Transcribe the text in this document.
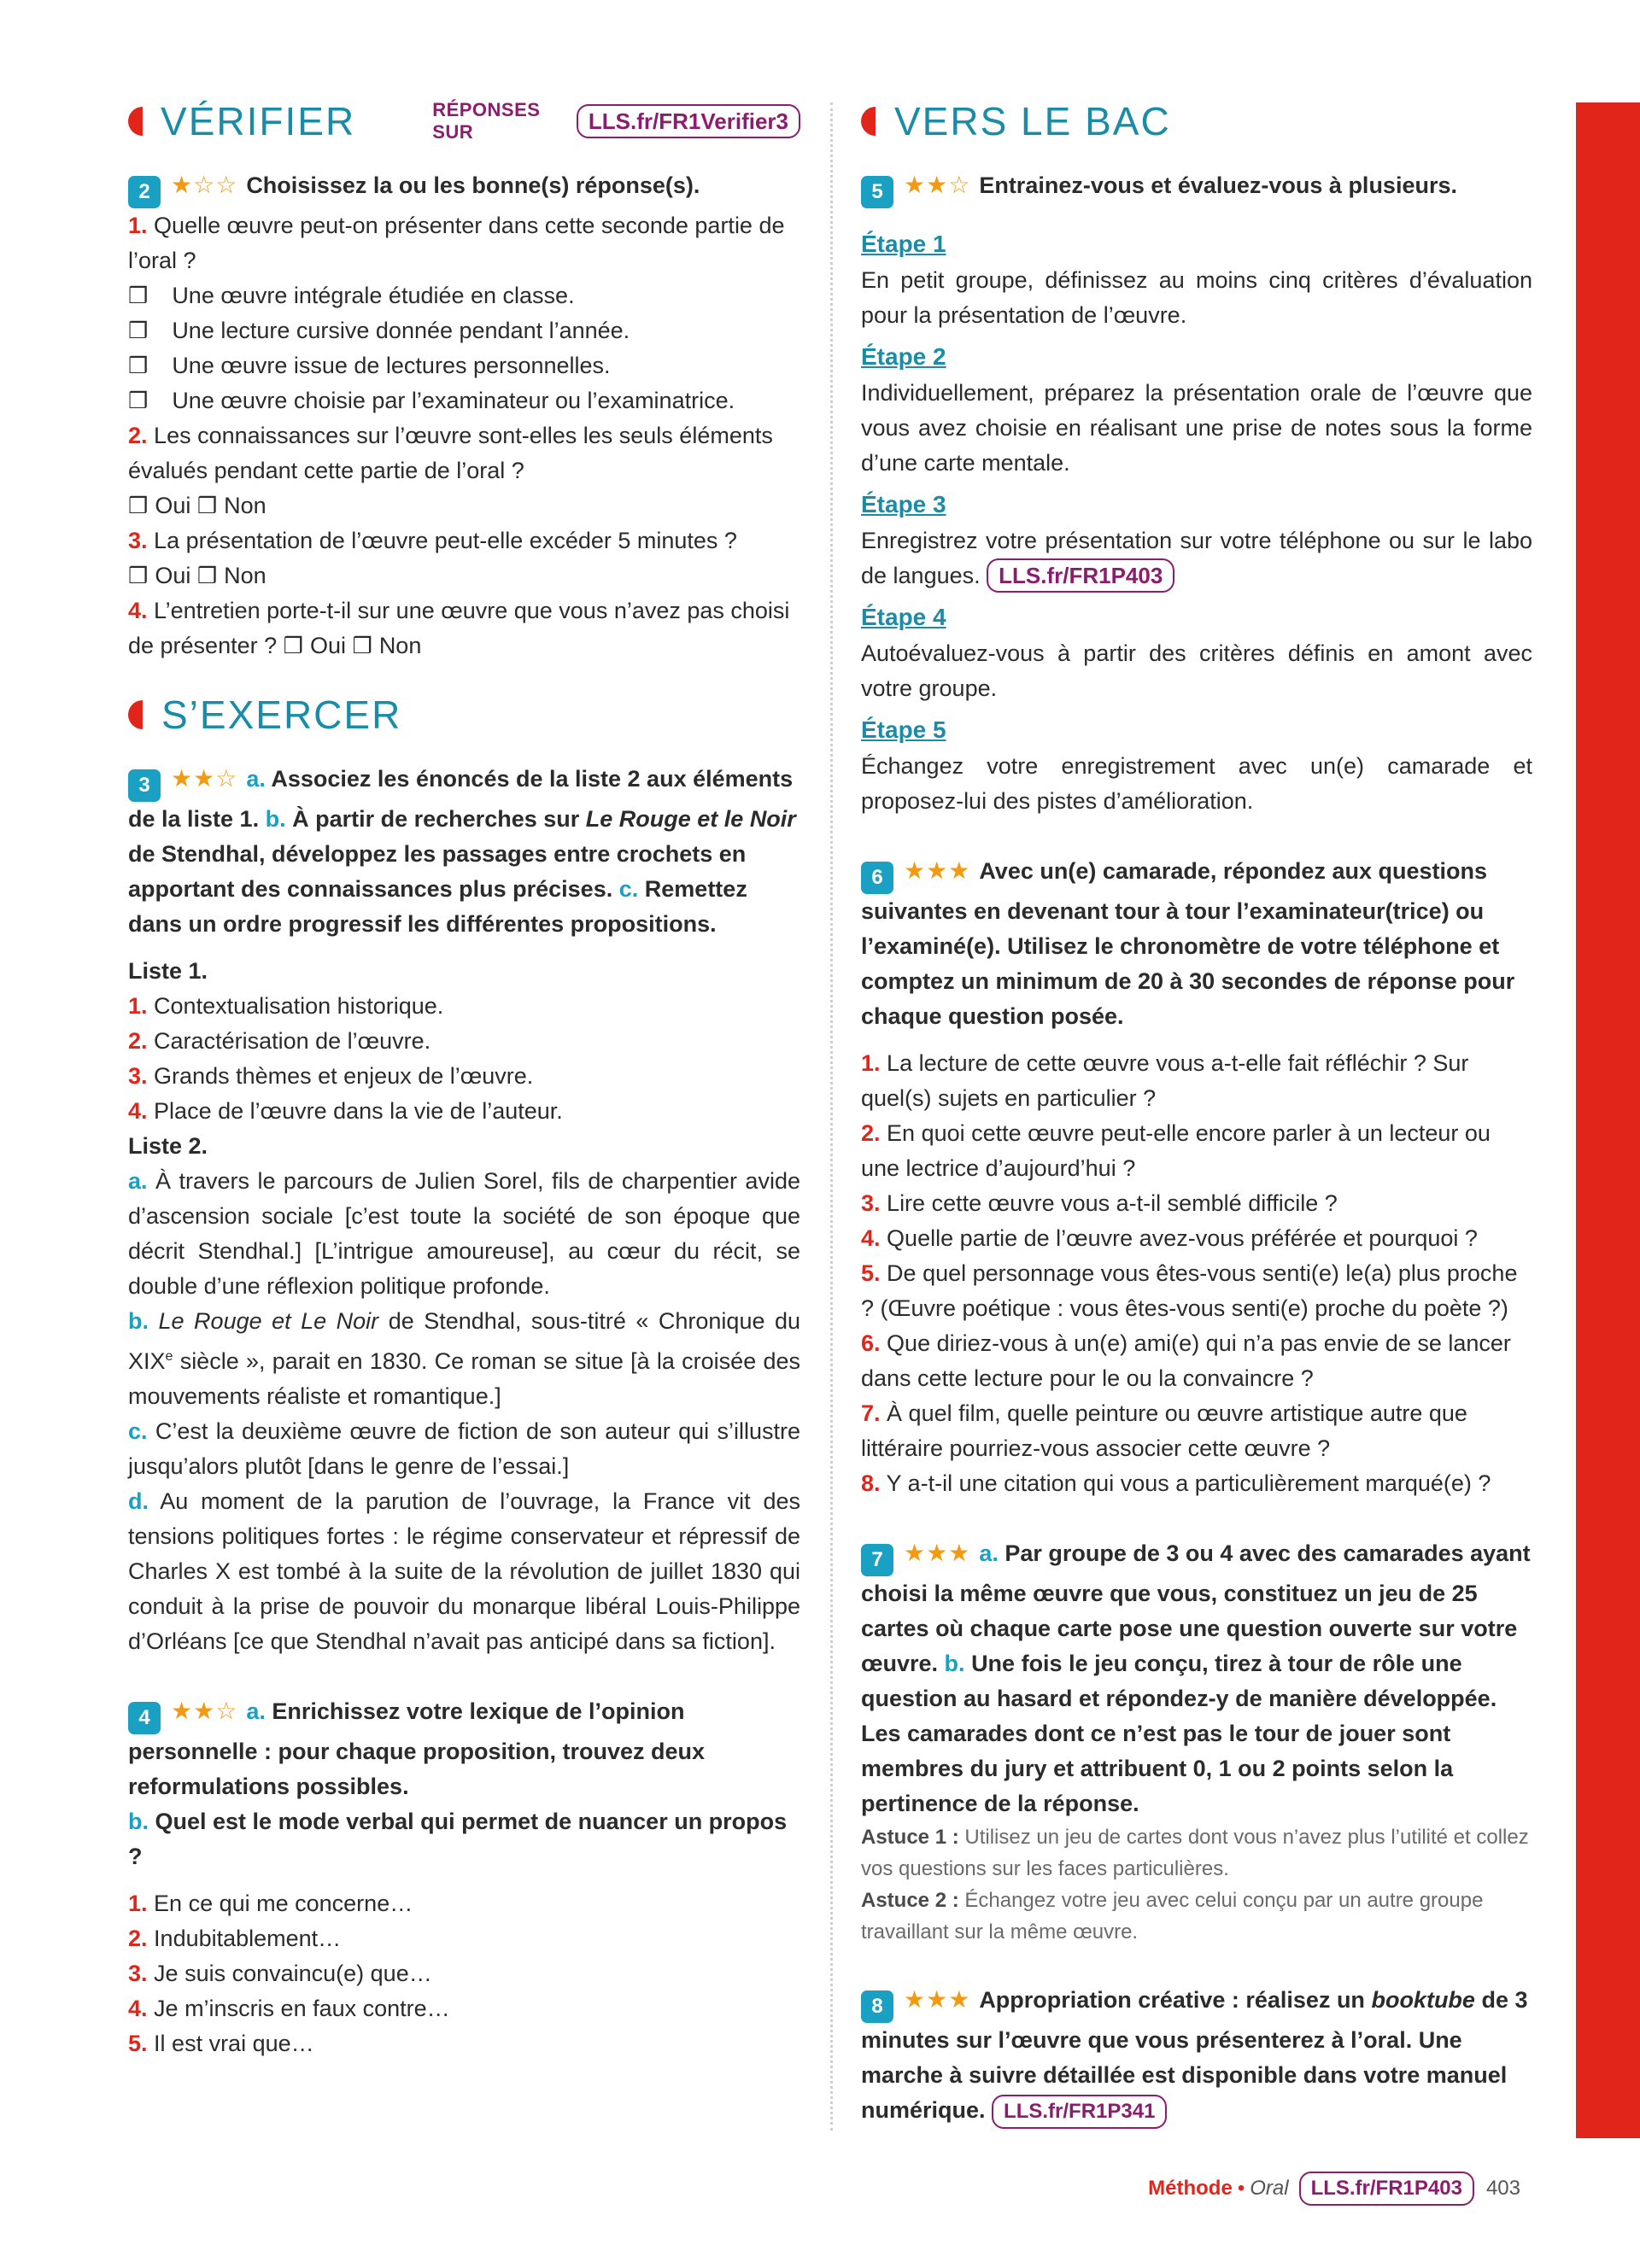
VÉRIFIER	RÉPONSES SUR	LLS.fr/FR1Verifier3
2 ★☆☆ Choisissez la ou les bonne(s) réponse(s).

1. Quelle œuvre peut-on présenter dans cette seconde partie de l’oral ?

❒ Une œuvre intégrale étudiée en classe.
❒ Une lecture cursive donnée pendant l’année.
❒ Une œuvre issue de lectures personnelles.
❒ Une œuvre choisie par l’examinateur ou l’examinatrice.

2. Les connaissances sur l’œuvre sont-elles les seuls éléments évalués pendant cette partie de l’oral ?

❒ Oui ❒ Non

3. La présentation de l’œuvre peut-elle excéder 5 minutes ?

❒ Oui ❒ Non

4. L’entretien porte-t-il sur une œuvre que vous n’avez pas choisi de présenter ? ❒ Oui ❒ Non

S’EXERCER
3 ★★☆ a. Associez les énoncés de la liste 2 aux éléments de la liste 1. b. À partir de recherches sur Le Rouge et le Noir de Stendhal, développez les passages entre crochets en apportant des connaissances plus précises. c. Remettez dans un ordre progressif les différentes propositions.
Liste 1.

1. Contextualisation historique.

2. Caractérisation de l’œuvre.

3. Grands thèmes et enjeux de l’œuvre.

4. Place de l’œuvre dans la vie de l’auteur.

Liste 2.

a. À travers le parcours de Julien Sorel, fils de charpentier avide d’ascension sociale [c’est toute la société de son époque que décrit Stendhal.] [L’intrigue amoureuse], au cœur du récit, se double d’une réflexion politique profonde.

b. Le Rouge et Le Noir de Stendhal, sous-titré « Chronique du XIXe siècle », parait en 1830. Ce roman se situe [à la croisée des mouvements réaliste et romantique.]

c. C’est la deuxième œuvre de fiction de son auteur qui s’illustre jusqu’alors plutôt [dans le genre de l’essai.]

d. Au moment de la parution de l’ouvrage, la France vit des tensions politiques fortes : le régime conservateur et répressif de Charles X est tombé à la suite de la révolution de juillet 1830 qui conduit à la prise de pouvoir du monarque libéral Louis-Philippe d’Orléans [ce que Stendhal n’avait pas anticipé dans sa fiction].

4 ★★☆ a. Enrichissez votre lexique de l’opinion personnelle : pour chaque proposition, trouvez deux reformulations possibles.
b. Quel est le mode verbal qui permet de nuancer un propos ?

1. En ce qui me concerne…

2. Indubitablement…

3. Je suis convaincu(e) que…

4. Je m’inscris en faux contre…

5. Il est vrai que…

VERS LE BAC
5 ★★☆ Entrainez-vous et évaluez-vous à plusieurs.
Étape 1

En petit groupe, définissez au moins cinq critères d’évaluation pour la présentation de l’œuvre.

Étape 2

Individuellement, préparez la présentation orale de l’œuvre que vous avez choisie en réalisant une prise de notes sous la forme d’une carte mentale.

Étape 3

Enregistrez votre présentation sur votre téléphone ou sur le labo de langues. LLS.fr/FR1P403

Étape 4

Autoévaluez-vous à partir des critères définis en amont avec votre groupe.

Étape 5

Échangez votre enregistrement avec un(e) camarade et proposez-lui des pistes d’amélioration.

6 ★★★ Avec un(e) camarade, répondez aux questions suivantes en devenant tour à tour l’examinateur(trice) ou l’examiné(e). Utilisez le chronomètre de votre téléphone et comptez un minimum de 20 à 30 secondes de réponse pour chaque question posée.

1. La lecture de cette œuvre vous a-t-elle fait réfléchir ? Sur quel(s) sujets en particulier ?

2. En quoi cette œuvre peut-elle encore parler à un lecteur ou une lectrice d’aujourd’hui ?

3. Lire cette œuvre vous a-t-il semblé difficile ?

4. Quelle partie de l’œuvre avez-vous préférée et pourquoi ?

5. De quel personnage vous êtes-vous senti(e) le(a) plus proche ? (Œuvre poétique : vous êtes-vous senti(e) proche du poète ?)

6. Que diriez-vous à un(e) ami(e) qui n’a pas envie de se lancer dans cette lecture pour le ou la convaincre ?

7. À quel film, quelle peinture ou œuvre artistique autre que littéraire pourriez-vous associer cette œuvre ?

8. Y a-t-il une citation qui vous a particulièrement marqué(e) ?

7 ★★★ a. Par groupe de 3 ou 4 avec des camarades ayant choisi la même œuvre que vous, constituez un jeu de 25 cartes où chaque carte pose une question ouverte sur votre œuvre. b. Une fois le jeu conçu, tirez à tour de rôle une question au hasard et répondez-y de manière développée. Les camarades dont ce n’est pas le tour de jouer sont membres du jury et attribuent 0, 1 ou 2 points selon la pertinence de la réponse.
Astuce 1 : Utilisez un jeu de cartes dont vous n’avez plus l’utilité et collez vos questions sur les faces particulières.
Astuce 2 : Échangez votre jeu avec celui conçu par un autre groupe travaillant sur la même œuvre.
8 ★★★ Appropriation créative : réalisez un booktube de 3 minutes sur l’œuvre que vous présenterez à l’oral. Une marche à suivre détaillée est disponible dans votre manuel numérique. LLS.fr/FR1P341
Méthode • Oral	LLS.fr/FR1P403	403
